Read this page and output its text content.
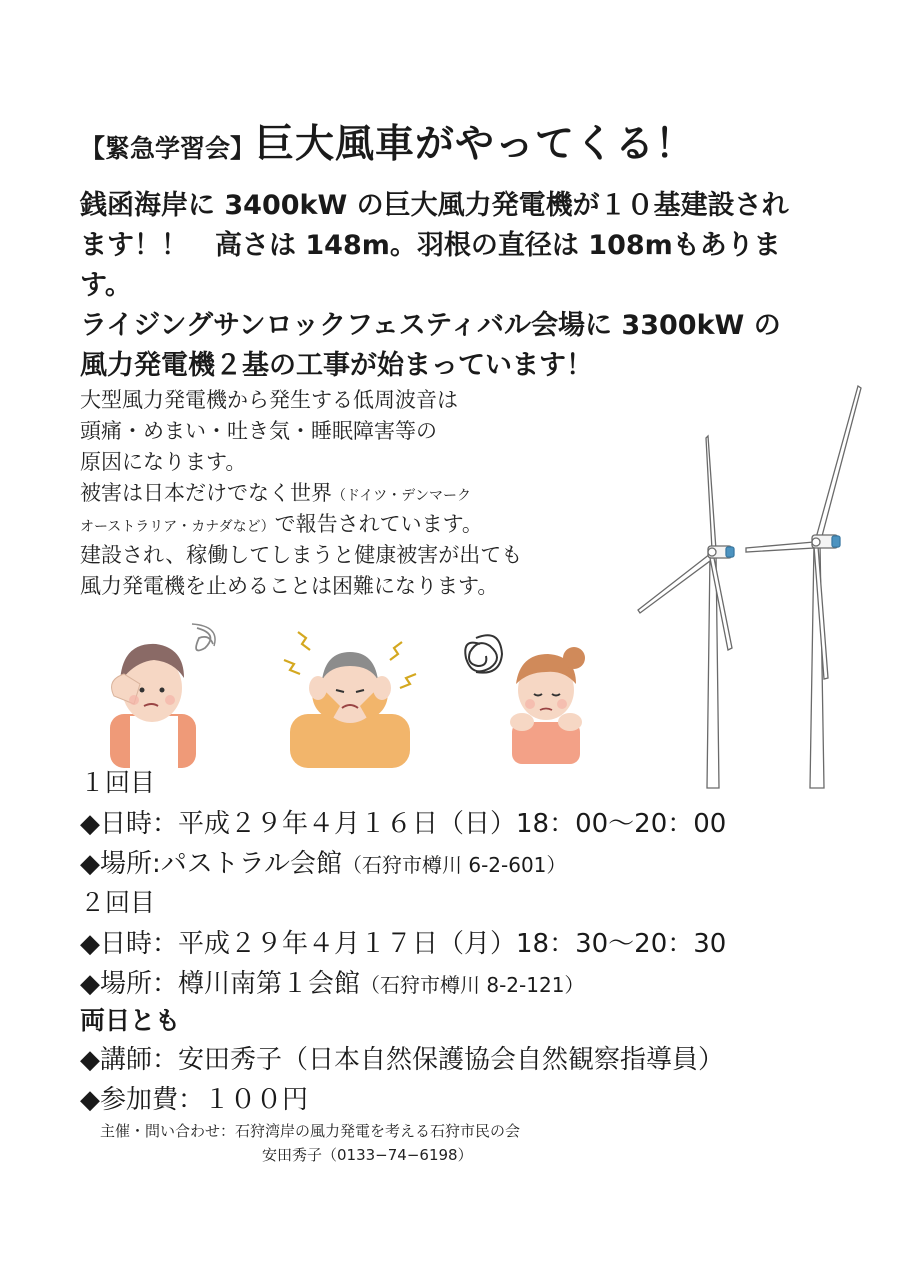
【緊急学習会】巨大風車がやってくる！
銭函海岸に 3400kW の巨大風力発電機が１０基建設され
ます！！　高さは 148m。羽根の直径は 108mもありま
す。
ライジングサンロックフェスティバル会場に 3300kW の
風力発電機２基の工事が始まっています！
大型風力発電機から発生する低周波音は
頭痛・めまい・吐き気・睡眠障害等の
原因になります。
被害は日本だけでなく世界（ドイツ・デンマーク
オーストラリア・カナダなど）で報告されています。
建設され、稼働してしまうと健康被害が出ても
風力発電機を止めることは困難になります。
１回目
◆日時：平成２９年４月１６日（日）18：00〜20：00
◆場所:パストラル会館（石狩市樽川 6-2-601）
２回目
◆日時：平成２９年４月１７日（月）18：30〜20：30
◆場所：樽川南第１会館（石狩市樽川 8-2-121）
両日とも
◆講師：安田秀子（日本自然保護協会自然観察指導員）
◆参加費：１００円
主催・問い合わせ：石狩湾岸の風力発電を考える石狩市民の会
安田秀子（0133−74−6198）
